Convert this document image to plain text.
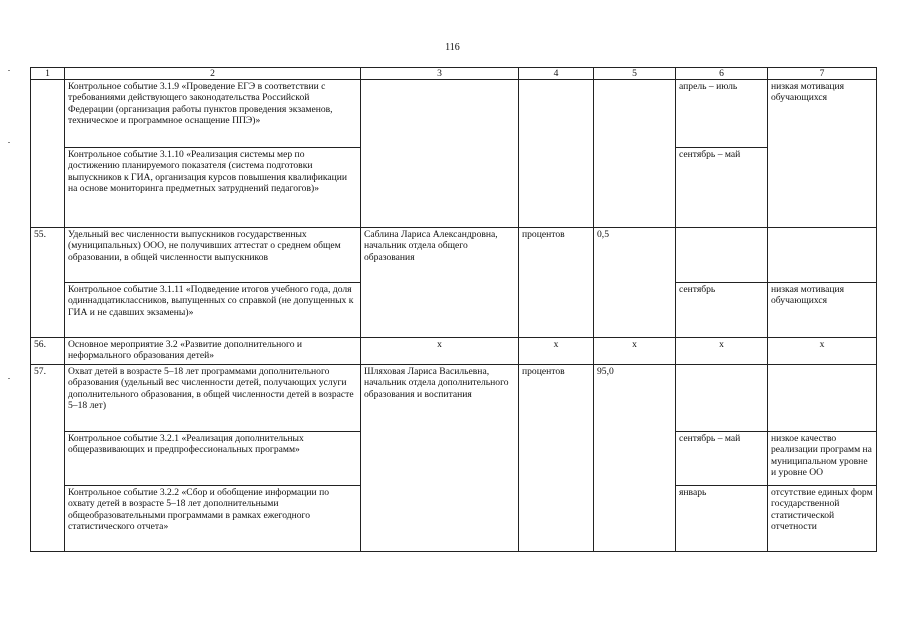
116
1	2	3	4	5	6	7
	Контрольное событие 3.1.9 «Проведение ЕГЭ в соответствии с требованиями действующего законодательства Российской Федерации (организация работы пунктов проведения экзаменов, техническое и программное оснащение ППЭ)»				апрель – июль	низкая мотивация обучающихся
	Контрольное событие 3.1.10 «Реализация системы мер по достижению планируемого показателя (система подготовки выпускников к ГИА, организация курсов повышения квалификации на основе мониторинга предметных затруднений педагогов)»				сентябрь – май	
55.	Удельный вес численности выпускников государственных (муниципальных) ООО, не получивших аттестат о среднем общем образовании, в общей численности выпускников	Саблина Лариса Александровна, начальник отдела общего образования	процентов	0,5		
	Контрольное событие 3.1.11 «Подведение итогов учебного года, доля одиннадцатиклассников, выпущенных со справкой (не допущенных к ГИА и не сдавших экзамены)»				сентябрь	низкая мотивация обучающихся
56.	Основное мероприятие 3.2 «Развитие дополнительного и неформального образования детей»	х	х	х	х	х
57.	Охват детей в возрасте 5–18 лет программами дополнительного образования (удельный вес численности детей, получающих услуги дополнительного образования, в общей численности детей в возрасте 5–18 лет)	Шляховая Лариса Васильевна, начальник отдела дополнительного образования и воспитания	процентов	95,0		
	Контрольное событие 3.2.1 «Реализация дополнительных общеразвивающих и предпрофессиональных программ»				сентябрь – май	низкое качество реализации программ на муниципальном уровне и уровне ОО
	Контрольное событие 3.2.2 «Сбор и обобщение информации по охвату детей в возрасте 5–18 лет дополнительными общеобразовательными программами в рамках ежегодного статистического отчета»				январь	отсутствие единых форм государственной статистической отчетности
